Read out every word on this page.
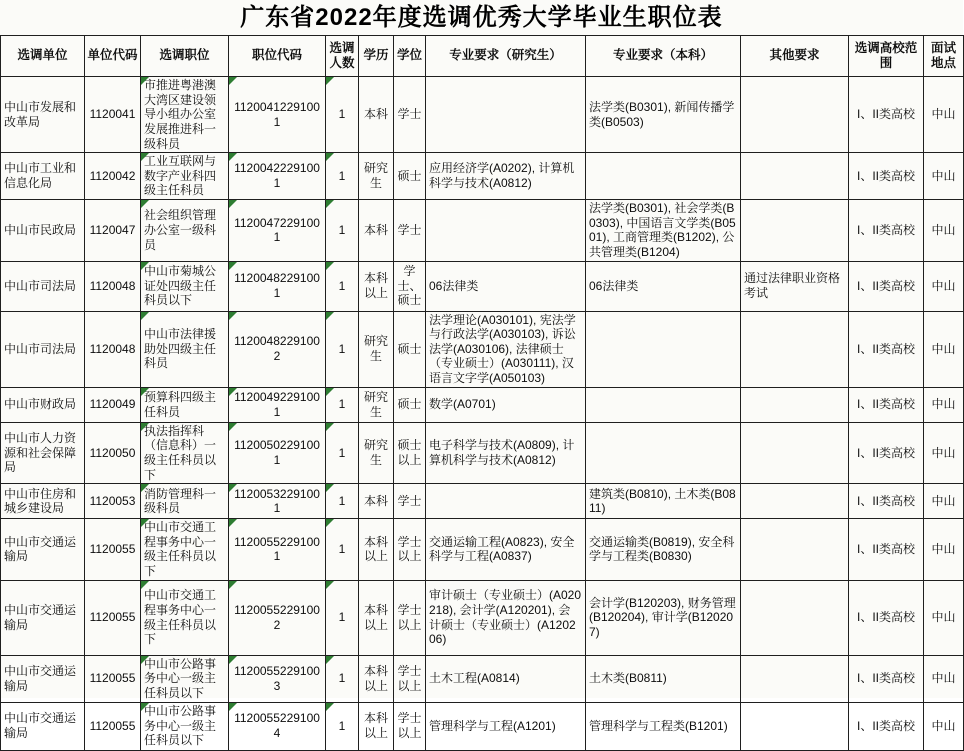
广东省2022年度选调优秀大学毕业生职位表
选调单位	单位代码	选调职位	职位代码	选调人数	学历	学位	专业要求（研究生）	专业要求（本科）	其他要求	选调高校范围	面试地点
中山市发展和改革局	1120041	市推进粤港澳大湾区建设领导小组办公室发展推进科一级科员	11200412291001	1	本科	学士		法学类(B0301), 新闻传播学类(B0503)		I、II类高校	中山
中山市工业和信息化局	1120042	工业互联网与数字产业科四级主任科员	11200422291001	1	研究生	硕士	应用经济学(A0202), 计算机科学与技术(A0812)			I、II类高校	中山
中山市民政局	1120047	社会组织管理办公室一级科员	11200472291001	1	本科	学士		法学类(B0301), 社会学类(B0303), 中国语言文学类(B0501), 工商管理类(B1202), 公共管理类(B1204)		I、II类高校	中山
中山市司法局	1120048	中山市菊城公证处四级主任科员以下	11200482291001	1	本科以上	学士、硕士	06法律类	06法律类	通过法律职业资格考试	I、II类高校	中山
中山市司法局	1120048	中山市法律援助处四级主任科员	11200482291002	1	研究生	硕士	法学理论(A030101), 宪法学与行政法学(A030103), 诉讼法学(A030106), 法律硕士（专业硕士）(A030111), 汉语言文字学(A050103)			I、II类高校	中山
中山市财政局	1120049	预算科四级主任科员	11200492291001	1	研究生	硕士	数学(A0701)			I、II类高校	中山
中山市人力资源和社会保障局	1120050	执法指挥科（信息科）一级主任科员以下	11200502291001	1	研究生	硕士以上	电子科学与技术(A0809), 计算机科学与技术(A0812)			I、II类高校	中山
中山市住房和城乡建设局	1120053	消防管理科一级科员	11200532291001	1	本科	学士		建筑类(B0810), 土木类(B0811)		I、II类高校	中山
中山市交通运输局	1120055	中山市交通工程事务中心一级主任科员以下	11200552291001	1	本科以上	学士以上	交通运输工程(A0823), 安全科学与工程(A0837)	交通运输类(B0819), 安全科学与工程类(B0830)		I、II类高校	中山
中山市交通运输局	1120055	中山市交通工程事务中心一级主任科员以下	11200552291002	1	本科以上	学士以上	审计硕士（专业硕士）(A020218), 会计学(A120201), 会计硕士（专业硕士）(A120206)	会计学(B120203), 财务管理(B120204), 审计学(B120207)		I、II类高校	中山
中山市交通运输局	1120055	中山市公路事务中心一级主任科员以下	11200552291003	1	本科以上	学士以上	土木工程(A0814)	土木类(B0811)		I、II类高校	中山
中山市交通运输局	1120055	中山市公路事务中心一级主任科员以下	11200552291004	1	本科以上	学士以上	管理科学与工程(A1201)	管理科学与工程类(B1201)		I、II类高校	中山
